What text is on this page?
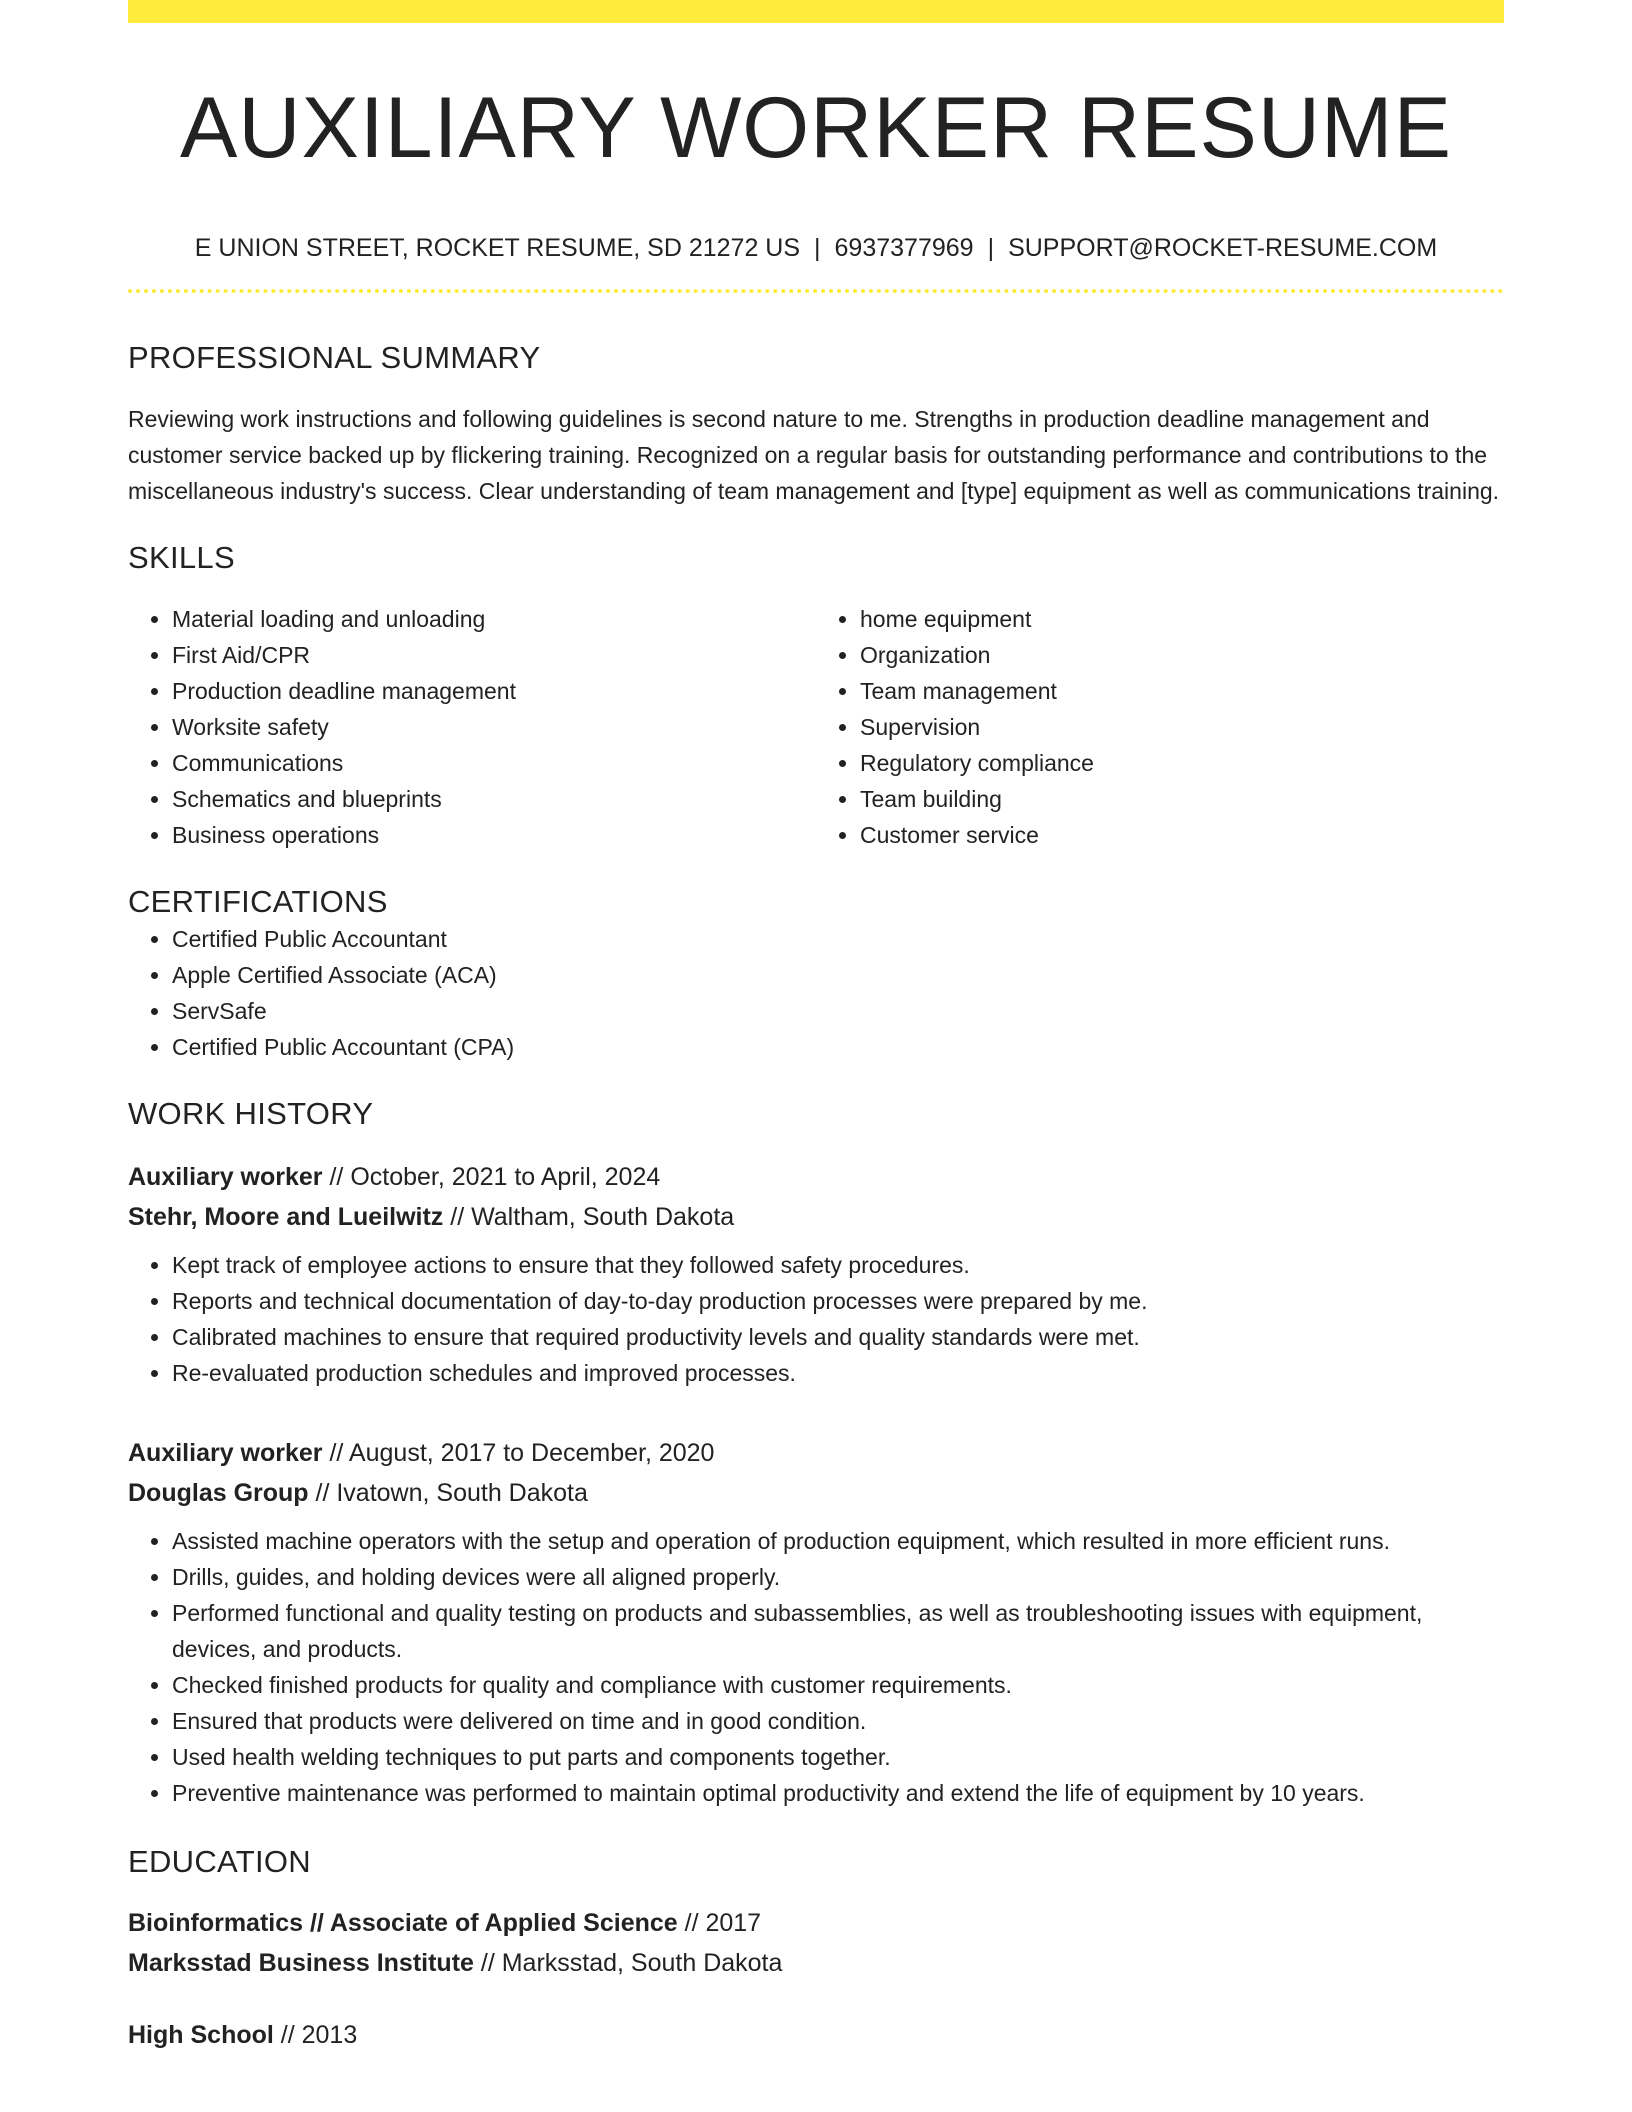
AUXILIARY WORKER RESUME
E UNION STREET, ROCKET RESUME, SD 21272 US | 6937377969 | SUPPORT@ROCKET-RESUME.COM
PROFESSIONAL SUMMARY

Reviewing work instructions and following guidelines is second nature to me. Strengths in production deadline management and customer service backed up by flickering training. Recognized on a regular basis for outstanding performance and contributions to the miscellaneous industry's success. Clear understanding of team management and [type] equipment as well as communications training.

SKILLS
• Material loading and unloading
• First Aid/CPR
• Production deadline management
• Worksite safety
• Communications
• Schematics and blueprints
• Business operations
• home equipment
• Organization
• Team management
• Supervision
• Regulatory compliance
• Team building
• Customer service
CERTIFICATIONS
• Certified Public Accountant
• Apple Certified Associate (ACA)
• ServSafe
• Certified Public Accountant (CPA)
WORK HISTORY
Auxiliary worker // October, 2021 to April, 2024
Stehr, Moore and Lueilwitz // Waltham, South Dakota
• Kept track of employee actions to ensure that they followed safety procedures.
• Reports and technical documentation of day-to-day production processes were prepared by me.
• Calibrated machines to ensure that required productivity levels and quality standards were met.
• Re-evaluated production schedules and improved processes.
Auxiliary worker // August, 2017 to December, 2020
Douglas Group // Ivatown, South Dakota
• Assisted machine operators with the setup and operation of production equipment, which resulted in more efficient runs.
• Drills, guides, and holding devices were all aligned properly.
• Performed functional and quality testing on products and subassemblies, as well as troubleshooting issues with equipment, devices, and products.
• Checked finished products for quality and compliance with customer requirements.
• Ensured that products were delivered on time and in good condition.
• Used health welding techniques to put parts and components together.
• Preventive maintenance was performed to maintain optimal productivity and extend the life of equipment by 10 years.
EDUCATION
Bioinformatics // Associate of Applied Science // 2017
Marksstad Business Institute // Marksstad, South Dakota
High School // 2013
